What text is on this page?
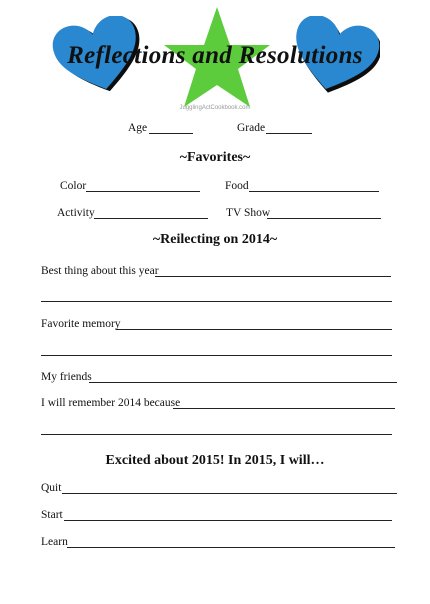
Reflections and Resolutions
JugglingActCookbook.com
Age	Grade
~Favorites~
Color	Food
Activity	TV Show
~Reilecting on 2014~
Best thing about this year
Favorite memory
My friends
I will remember 2014 because
Excited about 2015! In 2015, I will…
Quit
Start
Learn
